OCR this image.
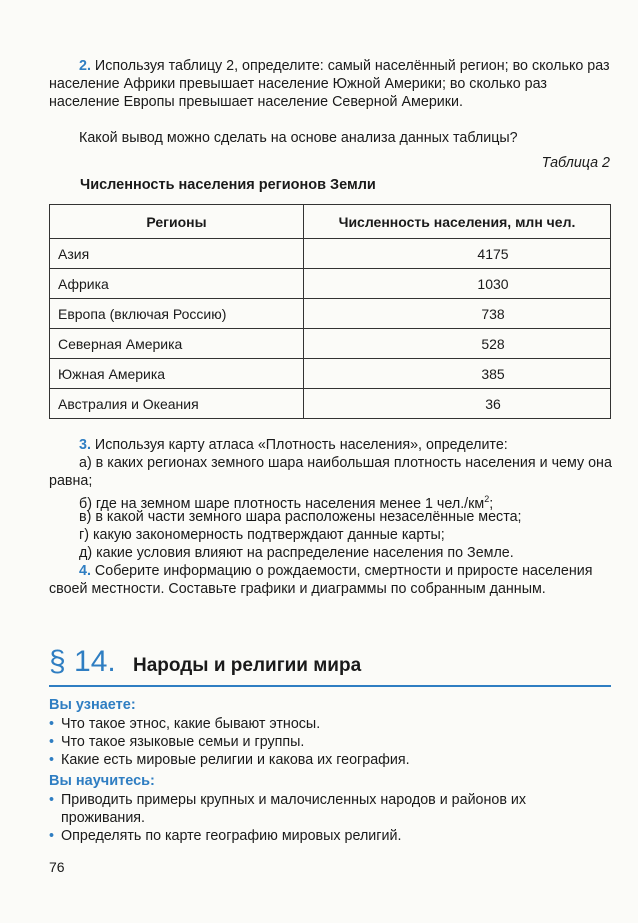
2. Используя таблицу 2, определите: самый населённый регион; во сколько раз население Африки превышает население Южной Америки; во сколько раз население Европы превышает население Северной Америки.

Какой вывод можно сделать на основе анализа данных таблицы?

Таблица 2
Численность населения регионов Земли
Регионы	Численность населения, млн чел.
Азия	4175
Африка	1030
Европа (включая Россию)	738
Северная Америка	528
Южная Америка	385
Австралия и Океания	36

3. Используя карту атласа «Плотность населения», определите:

а) в каких регионах земного шара наибольшая плотность населения и чему она равна;

б) где на земном шаре плотность населения менее 1 $чел./км^2$;

в) в какой части земного шара расположены незаселённые места;

г) какую закономерность подтверждают данные карты;

д) какие условия влияют на распределение населения по Земле.

4. Соберите информацию о рождаемости, смертности и приросте населения своей местности. Составьте графики и диаграммы по собранным данным.

§ 14. Народы и религии мира
Вы узнаете:
• Что такое этнос, какие бывают этносы.
• Что такое языковые семьи и группы.
• Какие есть мировые религии и какова их география.
Вы научитесь:
• Приводить примеры крупных и малочисленных народов и районов их проживания.
• Определять по карте географию мировых религий.
76
